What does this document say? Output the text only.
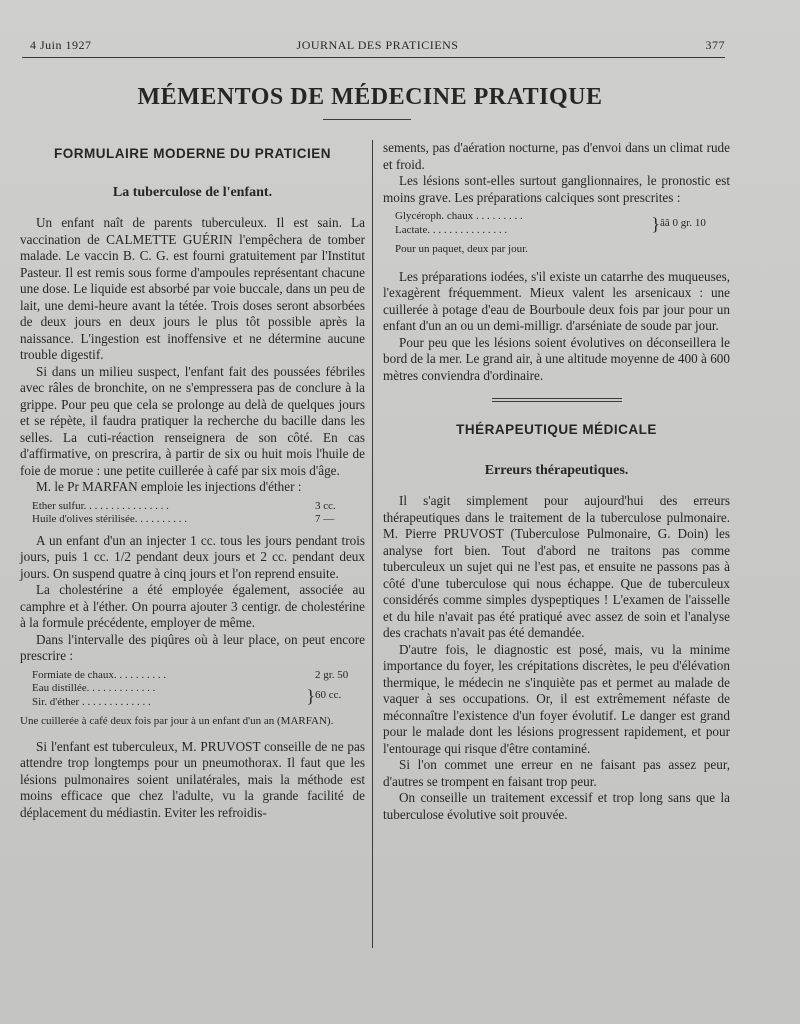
4 Juin 1927	JOURNAL DES PRATICIENS	377
MÉMENTOS DE MÉDECINE PRATIQUE
FORMULAIRE MODERNE DU PRATICIEN
La tuberculose de l'enfant.

Un enfant naît de parents tuberculeux. Il est sain. La vaccination de CALMETTE GUÉRIN l'empêchera de tomber malade. Le vaccin B. C. G. est fourni gratuitement par l'Institut Pasteur. Il est remis sous forme d'ampoules représentant chacune une dose. Le liquide est absorbé par voie buccale, dans un peu de lait, une demi-heure avant la tétée. Trois doses seront absorbées de deux jours en deux jours le plus tôt possible après la naissance. L'ingestion est inoffensive et ne détermine aucune trouble digestif.

Si dans un milieu suspect, l'enfant fait des poussées fébriles avec râles de bronchite, on ne s'empressera pas de conclure à la grippe. Pour peu que cela se prolonge au delà de quelques jours et se répète, il faudra pratiquer la recherche du bacille dans les selles. La cuti-réaction renseignera de son côté. En cas d'affirmative, on prescrira, à partir de six ou huit mois l'huile de foie de morue : une petite cuillerée à café par six mois d'âge.

M. le Pr MARFAN emploie les injections d'éther :

Ether sulfur. . . . . . . . . . . . . . . .	3 cc.
Huile d'olives stérilisée. . . . . . . . . .	7 —

A un enfant d'un an injecter 1 cc. tous les jours pendant trois jours, puis 1 cc. 1/2 pendant deux jours et 2 cc. pendant deux jours. On suspend quatre à cinq jours et l'on reprend ensuite.

La cholestérine a été employée également, associée au camphre et à l'éther. On pourra ajouter 3 centigr. de cholestérine à la formule précédente, employer de même.

Dans l'intervalle des piqûres où à leur place, on peut encore prescrire :

Formiate de chaux. . . . . . . . . .	2 gr. 50
Eau distillée. . . . . . . . . . . . .
Sir. d'éther . . . . . . . . . . . . .	} 60 cc.
Une cuillerée à café deux fois par jour à un enfant d'un an (MARFAN).

Si l'enfant est tuberculeux, M. PRUVOST conseille de ne pas attendre trop longtemps pour un pneumothorax. Il faut que les lésions pulmonaires soient unilatérales, mais la méthode est moins efficace que chez l'adulte, vu la grande facilité de déplacement du médiastin. Eviter les refroidis-

sements, pas d'aération nocturne, pas d'envoi dans un climat rude et froid.

Les lésions sont-elles surtout ganglionnaires, le pronostic est moins grave. Les préparations calciques sont prescrites :

Glycéroph. chaux . . . . . . . . .
Lactate. . . . . . . . . . . . . . .	} ââ 0 gr. 10
Pour un paquet, deux par jour.

Les préparations iodées, s'il existe un catarrhe des muqueuses, l'exagèrent fréquemment. Mieux valent les arsenicaux : une cuillerée à potage d'eau de Bourboule deux fois par jour pour un enfant d'un an ou un demi-milligr. d'arséniate de soude par jour.

Pour peu que les lésions soient évolutives on déconseillera le bord de la mer. Le grand air, à une altitude moyenne de 400 à 600 mètres conviendra d'ordinaire.

THÉRAPEUTIQUE MÉDICALE
Erreurs thérapeutiques.

Il s'agit simplement pour aujourd'hui des erreurs thérapeutiques dans le traitement de la tuberculose pulmonaire. M. Pierre PRUVOST (Tuberculose Pulmonaire, G. Doin) les analyse fort bien. Tout d'abord ne traitons pas comme tuberculeux un sujet qui ne l'est pas, et ensuite ne passons pas à côté d'une tuberculose qui nous échappe. Que de tuberculeux considérés comme simples dyspeptiques ! L'examen de l'aisselle et du hile n'avait pas été pratiqué avec assez de soin et l'analyse des crachats n'avait pas été demandée.

D'autre fois, le diagnostic est posé, mais, vu la minime importance du foyer, les crépitations discrètes, le peu d'élévation thermique, le médecin ne s'inquiète pas et permet au malade de vaquer à ses occupations. Or, il est extrêmement néfaste de méconnaître l'existence d'un foyer évolutif. Le danger est grand pour le malade dont les lésions progressent rapidement, et pour l'entourage qui risque d'être contaminé.

Si l'on commet une erreur en ne faisant pas assez peur, d'autres se trompent en faisant trop peur.

On conseille un traitement excessif et trop long sans que la tuberculose évolutive soit prouvée.
